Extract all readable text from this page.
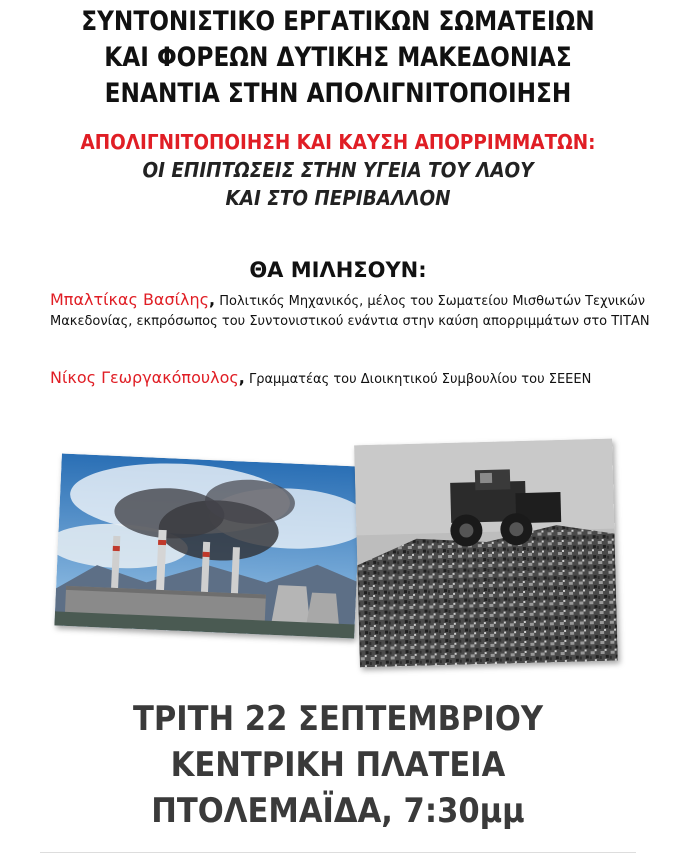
ΣΥΝΤΟΝΙΣΤΙΚΟ ΕΡΓΑΤΙΚΩΝ ΣΩΜΑΤΕΙΩΝ
ΚΑΙ ΦΟΡΕΩΝ ΔΥΤΙΚΗΣ ΜΑΚΕΔΟΝΙΑΣ
ΕΝΑΝΤΙΑ ΣΤΗΝ ΑΠΟΛΙΓΝΙΤΟΠΟΙΗΣΗ
ΑΠΟΛΙΓΝΙΤΟΠΟΙΗΣΗ ΚΑΙ ΚΑΥΣΗ ΑΠΟΡΡΙΜΜΑΤΩΝ:
ΟΙ ΕΠΙΠΤΩΣΕΙΣ ΣΤΗΝ ΥΓΕΙΑ ΤΟΥ ΛΑΟΥ
ΚΑΙ ΣΤΟ ΠΕΡΙΒΑΛΛΟΝ
ΘΑ ΜΙΛΗΣΟΥΝ:
Μπαλτίκας Βασίλης, Πολιτικός Μηχανικός, μέλος του Σωματείου Μισθωτών Τεχνικών Μακεδονίας, εκπρόσωπος του Συντονιστικού ενάντια στην καύση απορριμμάτων στο ΤΙΤΑΝ
Νίκος Γεωργακόπουλος, Γραμματέας του Διοικητικού Συμβουλίου του ΣΕΕΕΝ
ΤΡΙΤΗ 22 ΣΕΠΤΕΜΒΡΙΟΥ
ΚΕΝΤΡΙΚΗ ΠΛΑΤΕΙΑ
ΠΤΟΛΕΜΑΪΔΑ, 7:30μμ
